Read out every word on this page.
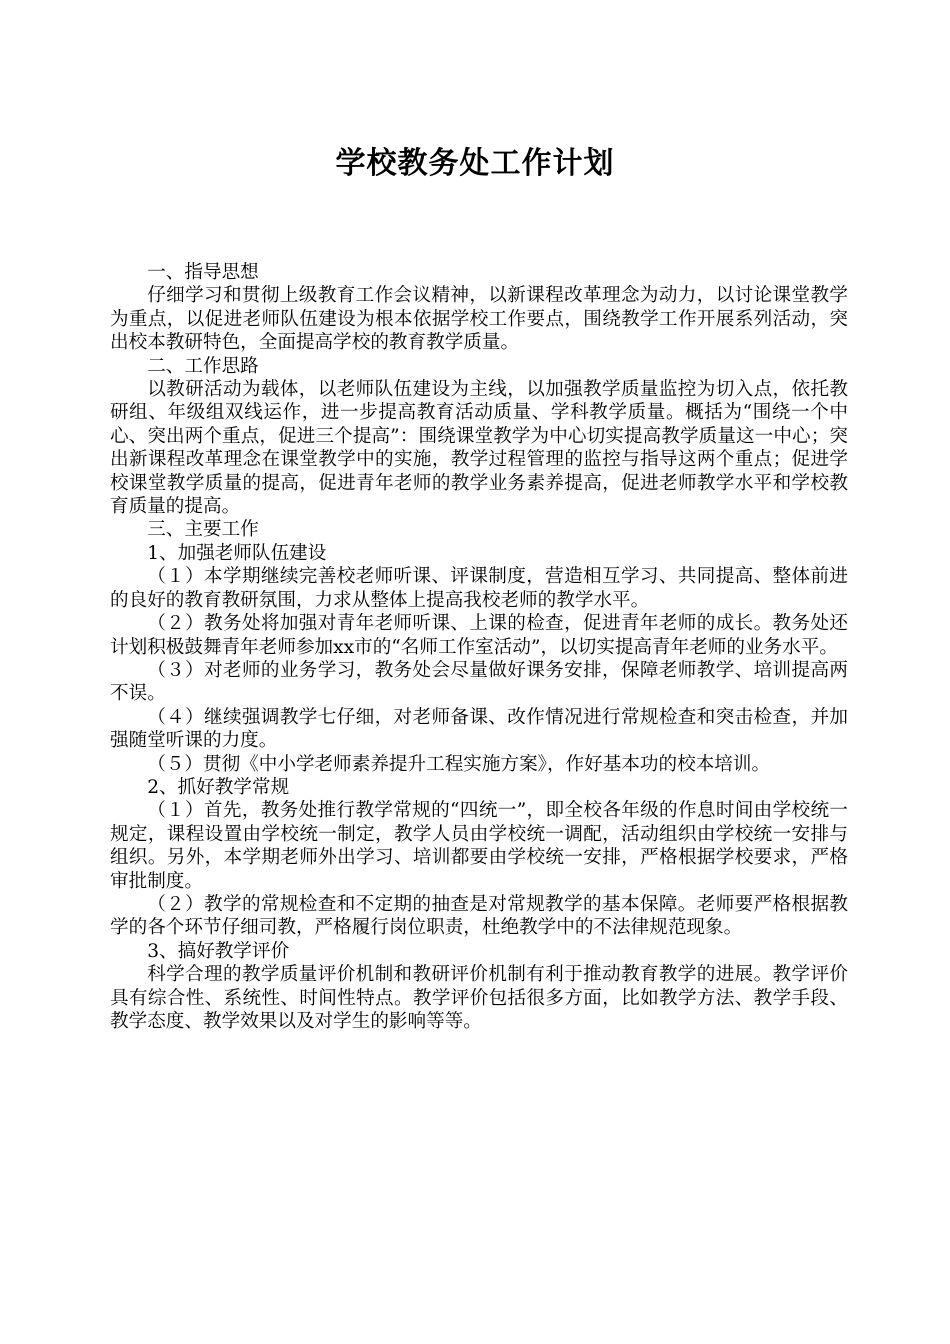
学校教务处工作计划

一、指导思想

仔细学习和贯彻上级教育工作会议精神，以新课程改革理念为动力，以讨论课堂教学为重点，以促进老师队伍建设为根本依据学校工作要点，围绕教学工作开展系列活动，突出校本教研特色，全面提高学校的教育教学质量。

二、工作思路

以教研活动为载体，以老师队伍建设为主线，以加强教学质量监控为切入点，依托教研组、年级组双线运作，进一步提高教育活动质量、学科教学质量。概括为“围绕一个中心、突出两个重点，促进三个提高”：围绕课堂教学为中心切实提高教学质量这一中心；突出新课程改革理念在课堂教学中的实施，教学过程管理的监控与指导这两个重点；促进学校课堂教学质量的提高，促进青年老师的教学业务素养提高，促进老师教学水平和学校教育质量的提高。

三、主要工作

1、加强老师队伍建设

（１）本学期继续完善校老师听课、评课制度，营造相互学习、共同提高、整体前进的良好的教育教研氛围，力求从整体上提高我校老师的教学水平。

（２）教务处将加强对青年老师听课、上课的检查，促进青年老师的成长。教务处还计划积极鼓舞青年老师参加xx市的“名师工作室活动”，以切实提高青年老师的业务水平。

（３）对老师的业务学习，教务处会尽量做好课务安排，保障老师教学、培训提高两不误。

（４）继续强调教学七仔细，对老师备课、改作情况进行常规检查和突击检查，并加强随堂听课的力度。

（５）贯彻《中小学老师素养提升工程实施方案》，作好基本功的校本培训。

2、抓好教学常规

（１）首先，教务处推行教学常规的“四统一”，即全校各年级的作息时间由学校统一规定，课程设置由学校统一制定，教学人员由学校统一调配，活动组织由学校统一安排与组织。另外，本学期老师外出学习、培训都要由学校统一安排，严格根据学校要求，严格审批制度。

（２）教学的常规检查和不定期的抽查是对常规教学的基本保障。老师要严格根据教学的各个环节仔细司教，严格履行岗位职责，杜绝教学中的不法律规范现象。

3、搞好教学评价

科学合理的教学质量评价机制和教研评价机制有利于推动教育教学的进展。教学评价具有综合性、系统性、时间性特点。教学评价包括很多方面，比如教学方法、教学手段、教学态度、教学效果以及对学生的影响等等。
